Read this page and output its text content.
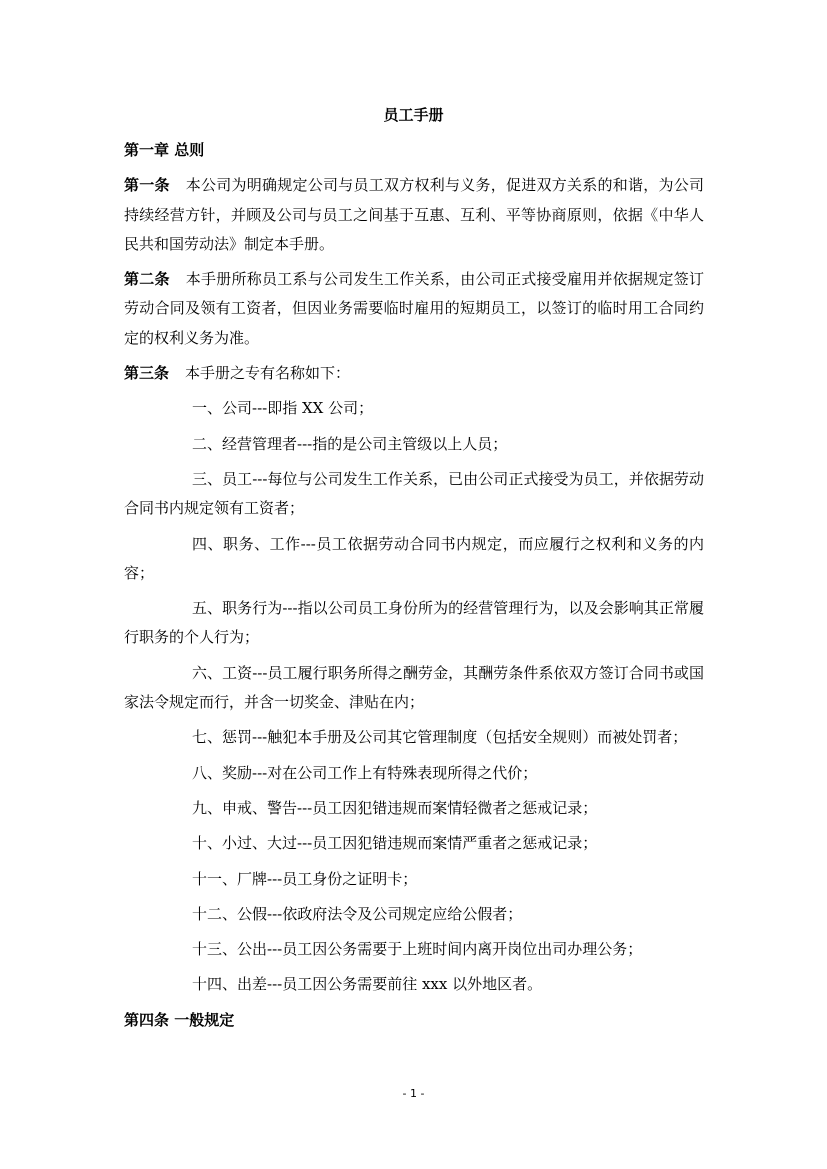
员工手册

第一章 总则

第一条 本公司为明确规定公司与员工双方权利与义务，促进双方关系的和谐，为公司持续经营方针，并顾及公司与员工之间基于互惠、互利、平等协商原则，依据《中华人民共和国劳动法》制定本手册。

第二条 本手册所称员工系与公司发生工作关系，由公司正式接受雇用并依据规定签订劳动合同及领有工资者，但因业务需要临时雇用的短期员工，以签订的临时用工合同约定的权利义务为准。

第三条 本手册之专有名称如下：

一、公司---即指 XX 公司；

二、经营管理者---指的是公司主管级以上人员；

三、员工---每位与公司发生工作关系，已由公司正式接受为员工，并依据劳动合同书内规定领有工资者；

四、职务、工作---员工依据劳动合同书内规定，而应履行之权利和义务的内容；

五、职务行为---指以公司员工身份所为的经营管理行为，以及会影响其正常履行职务的个人行为；

六、工资---员工履行职务所得之酬劳金，其酬劳条件系依双方签订合同书或国家法令规定而行，并含一切奖金、津贴在内；

七、惩罚---触犯本手册及公司其它管理制度（包括安全规则）而被处罚者；

八、奖励---对在公司工作上有特殊表现所得之代价；

九、申戒、警告---员工因犯错违规而案情轻微者之惩戒记录；

十、小过、大过---员工因犯错违规而案情严重者之惩戒记录；

十一、厂牌---员工身份之证明卡；

十二、公假---依政府法令及公司规定应给公假者；

十三、公出---员工因公务需要于上班时间内离开岗位出司办理公务；

十四、出差---员工因公务需要前往 xxx 以外地区者。

第四条 一般规定

- 1 -
